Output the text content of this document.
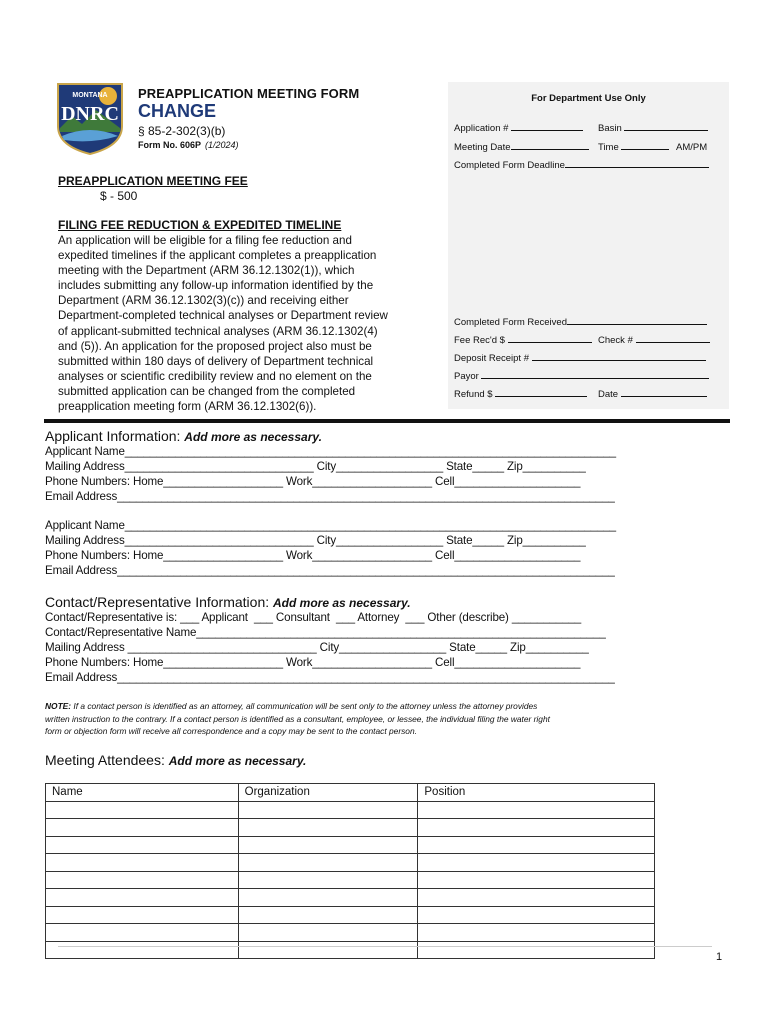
MONTANA
DNRC
PREAPPLICATION MEETING FORM
CHANGE
§ 85-2-302(3)(b)
Form No. 606P (1/2024)
For Department Use Only
Application #	Basin
Meeting Date	Time	AM/PM
Completed Form Deadline
Completed Form Received
Fee Rec'd $	Check #
Deposit Receipt #
Payor
Refund $	Date
PREAPPLICATION MEETING FEE
$ - 500
FILING FEE REDUCTION & EXPEDITED TIMELINE
An application will be eligible for a filing fee reduction and
expedited timelines if the applicant completes a preapplication
meeting with the Department (ARM 36.12.1302(1)), which
includes submitting any follow-up information identified by the
Department (ARM 36.12.1302(3)(c)) and receiving either
Department-completed technical analyses or Department review
of applicant-submitted technical analyses (ARM 36.12.1302(4)
and (5)). An application for the proposed project also must be
submitted within 180 days of delivery of Department technical
analyses or scientific credibility review and no element on the
submitted application can be changed from the completed
preapplication meeting form (ARM 36.12.1302(6)).
Applicant Information: Add more as necessary.
Applicant Name______________________________________________________________________________
Mailing Address______________________________ City_________________ State_____ Zip__________
Phone Numbers: Home___________________ Work___________________ Cell____________________
Email Address_______________________________________________________________________________
Applicant Name______________________________________________________________________________
Mailing Address______________________________ City_________________ State_____ Zip__________
Phone Numbers: Home___________________ Work___________________ Cell____________________
Email Address_______________________________________________________________________________
Contact/Representative Information: Add more as necessary.
Contact/Representative is: ___ Applicant  ___ Consultant  ___ Attorney  ___ Other (describe) ___________
Contact/Representative Name_________________________________________________________________
Mailing Address ______________________________ City_________________ State_____ Zip__________
Phone Numbers: Home___________________ Work___________________ Cell____________________
Email Address_______________________________________________________________________________
NOTE: If a contact person is identified as an attorney, all communication will be sent only to the attorney unless the attorney provides
written instruction to the contrary. If a contact person is identified as a consultant, employee, or lessee, the individual filing the water right
form or objection form will receive all correspondence and a copy may be sent to the contact person.
Meeting Attendees: Add more as necessary.
Name	Organization	Position

1
